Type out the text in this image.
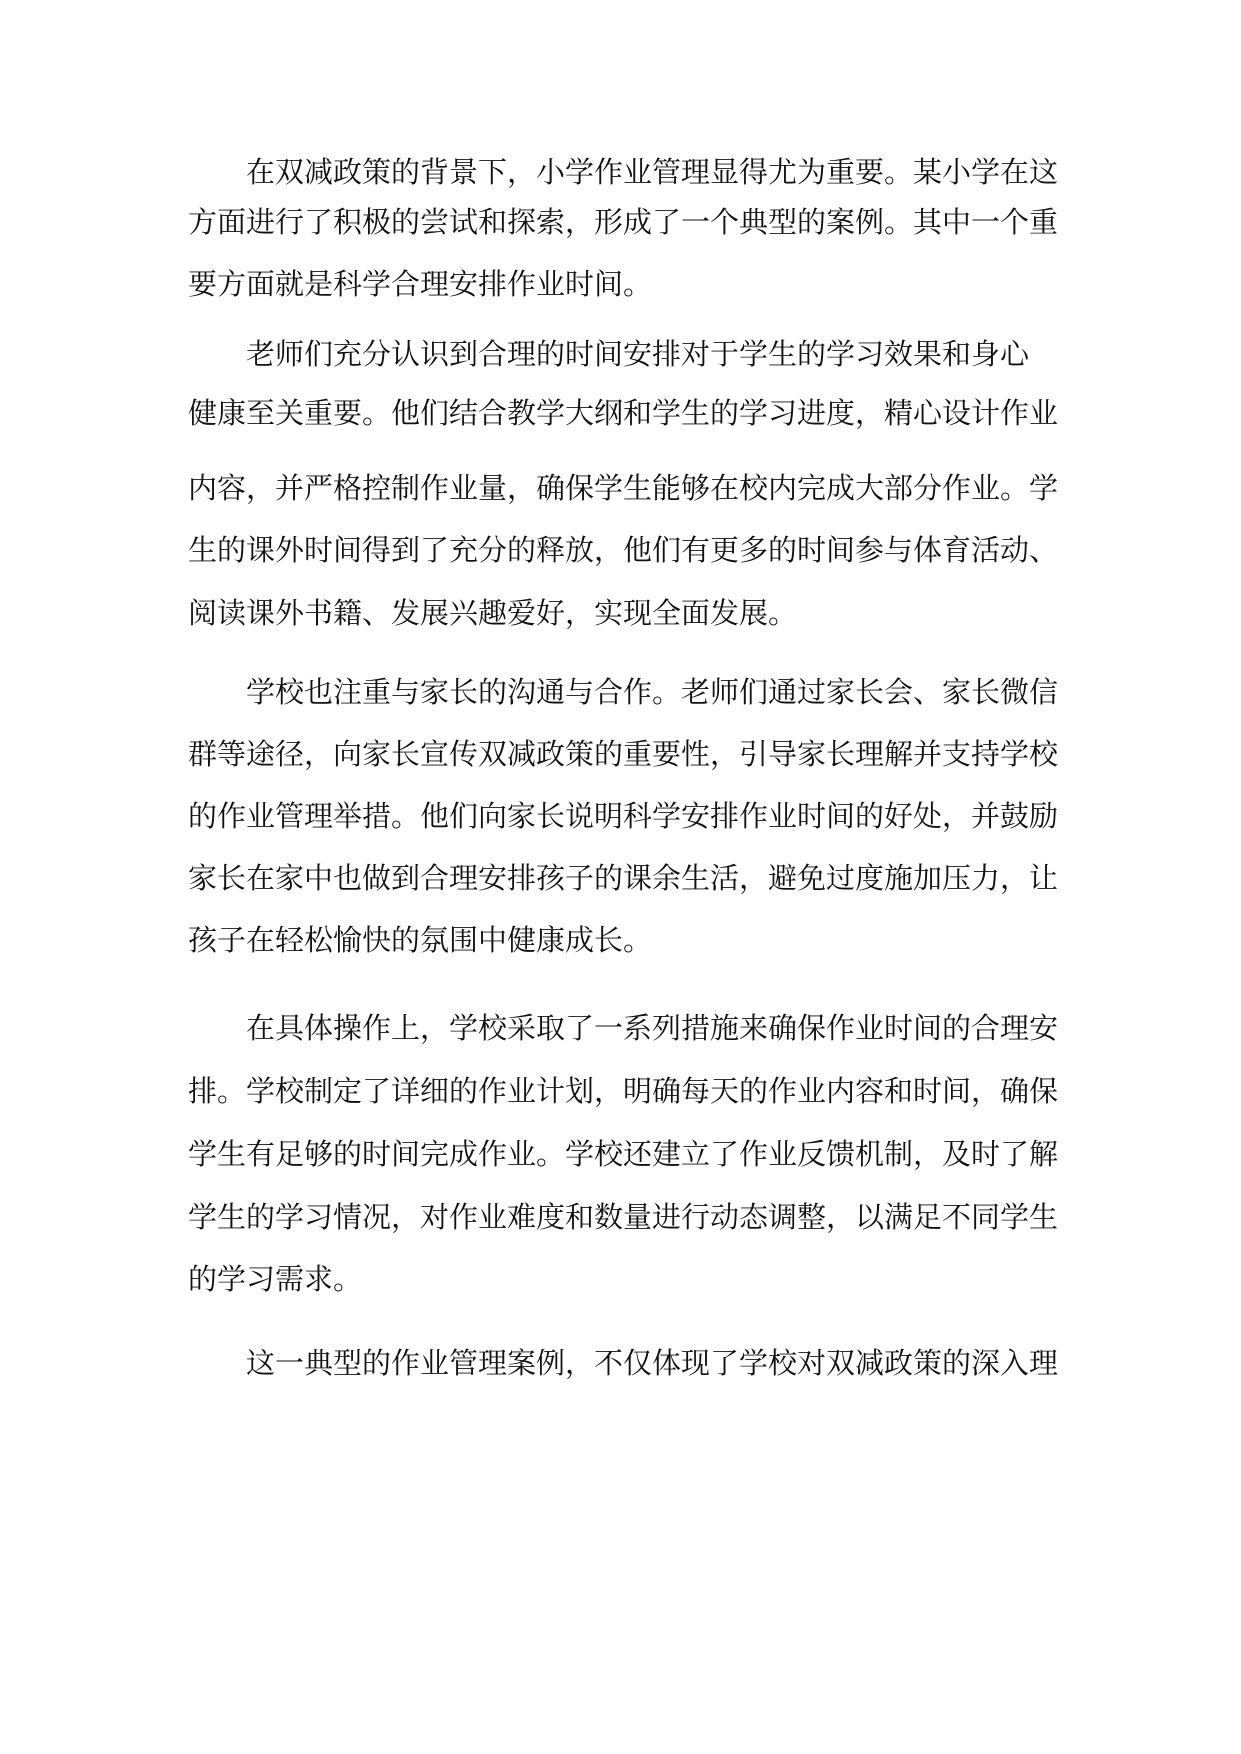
在双减政策的背景下，小学作业管理显得尤为重要。某小学在这

方面进行了积极的尝试和探索，形成了一个典型的案例。其中一个重

要方面就是科学合理安排作业时间。

老师们充分认识到合理的时间安排对于学生的学习效果和身心

健康至关重要。他们结合教学大纲和学生的学习进度，精心设计作业

内容，并严格控制作业量，确保学生能够在校内完成大部分作业。学

生的课外时间得到了充分的释放，他们有更多的时间参与体育活动、

阅读课外书籍、发展兴趣爱好，实现全面发展。

学校也注重与家长的沟通与合作。老师们通过家长会、家长微信

群等途径，向家长宣传双减政策的重要性，引导家长理解并支持学校

的作业管理举措。他们向家长说明科学安排作业时间的好处，并鼓励

家长在家中也做到合理安排孩子的课余生活，避免过度施加压力，让

孩子在轻松愉快的氛围中健康成长。

在具体操作上，学校采取了一系列措施来确保作业时间的合理安

排。学校制定了详细的作业计划，明确每天的作业内容和时间，确保

学生有足够的时间完成作业。学校还建立了作业反馈机制，及时了解

学生的学习情况，对作业难度和数量进行动态调整，以满足不同学生

的学习需求。

这一典型的作业管理案例，不仅体现了学校对双减政策的深入理
